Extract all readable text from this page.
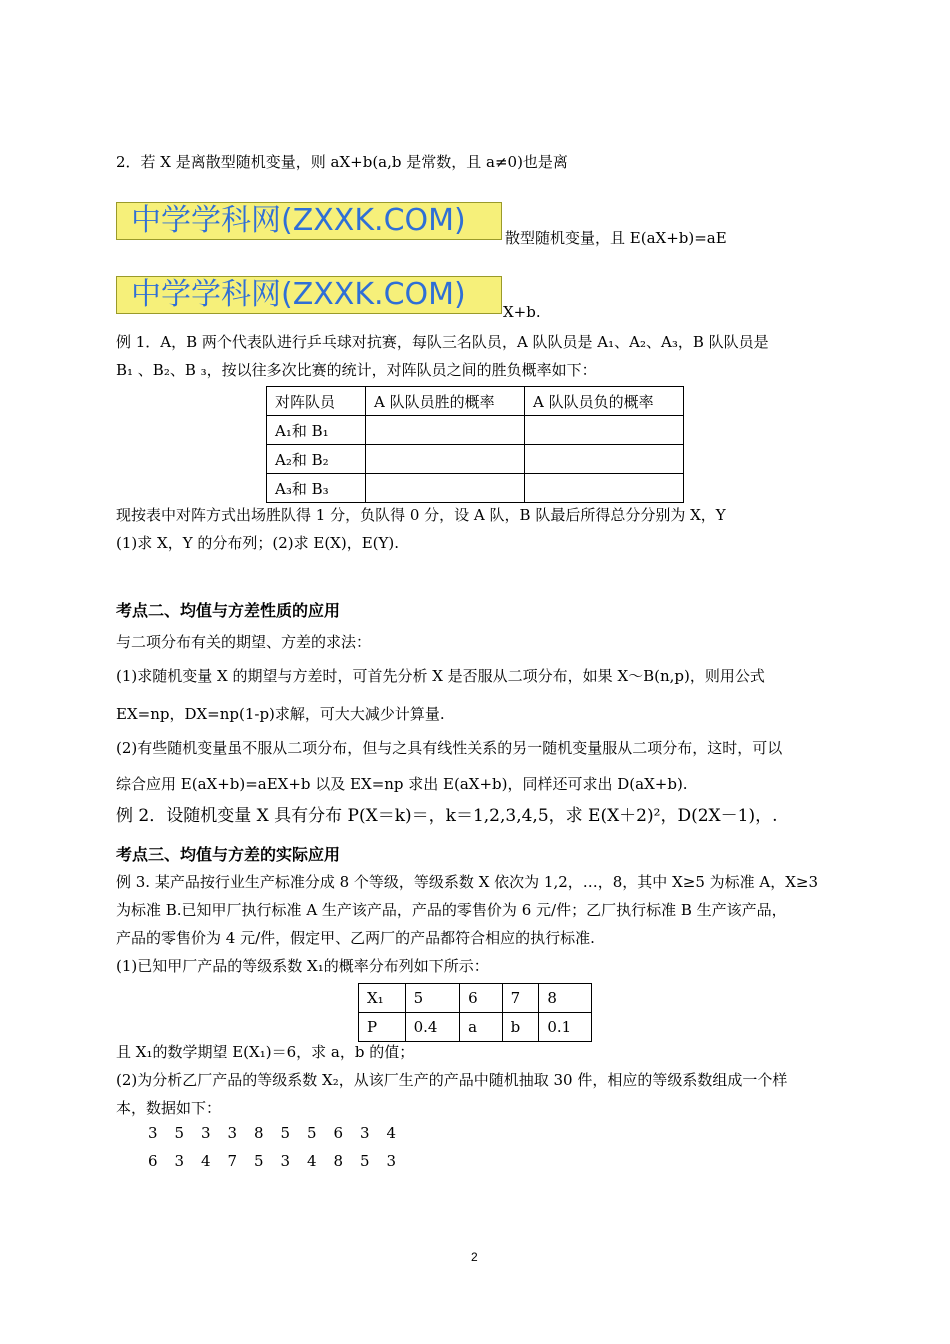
2．若 X 是离散型随机变量，则 aX+b(a,b 是常数，且 a≠0)也是离
中学学科网(ZXXK.COM)	散型随机变量，且 E(aX+b)=aE
中学学科网(ZXXK.COM)	X+b.
例 1．A，B 两个代表队进行乒乓球对抗赛，每队三名队员，A 队队员是 A₁、A₂、A₃，B 队队员是
B₁ 、B₂、B ₃，按以往多次比赛的统计，对阵队员之间的胜负概率如下：
对阵队员	A 队队员胜的概率	A 队队员负的概率
A₁和 B₁		
A₂和 B₂		
A₃和 B₃		
现按表中对阵方式出场胜队得 1 分，负队得 0 分，设 A 队，B 队最后所得总分分别为 X，Y
(1)求 X，Y 的分布列；(2)求 E(X)，E(Y).
考点二、均值与方差性质的应用
与二项分布有关的期望、方差的求法：
(1)求随机变量 X 的期望与方差时，可首先分析 X 是否服从二项分布，如果 X～B(n,p)，则用公式
EX=np，DX=np(1-p)求解，可大大减少计算量.
(2)有些随机变量虽不服从二项分布，但与之具有线性关系的另一随机变量服从二项分布，这时，可以
综合应用 E(aX+b)=aEX+b 以及 EX=np 求出 E(aX+b)，同样还可求出 D(aX+b).
例 2．设随机变量 X 具有分布 P(X＝k)＝，k＝1,2,3,4,5，求 E(X＋2)²，D(2X－1)，.
考点三、均值与方差的实际应用
例 3. 某产品按行业生产标准分成 8 个等级，等级系数 X 依次为 1,2，…，8，其中 X≥5 为标准 A，X≥3
为标准 B.已知甲厂执行标准 A 生产该产品，产品的零售价为 6 元/件；乙厂执行标准 B 生产该产品，
产品的零售价为 4 元/件，假定甲、乙两厂的产品都符合相应的执行标准.
(1)已知甲厂产品的等级系数 X₁的概率分布列如下所示：
X₁	5	6	7	8
P	0.4	a	b	0.1
且 X₁的数学期望 E(X₁)＝6，求 a，b 的值；
(2)为分析乙厂产品的等级系数 X₂，从该厂生产的产品中随机抽取 30 件，相应的等级系数组成一个样
本，数据如下：
3 5 3 3 8 5 5 6 3 4
6 3 4 7 5 3 4 8 5 3
2
